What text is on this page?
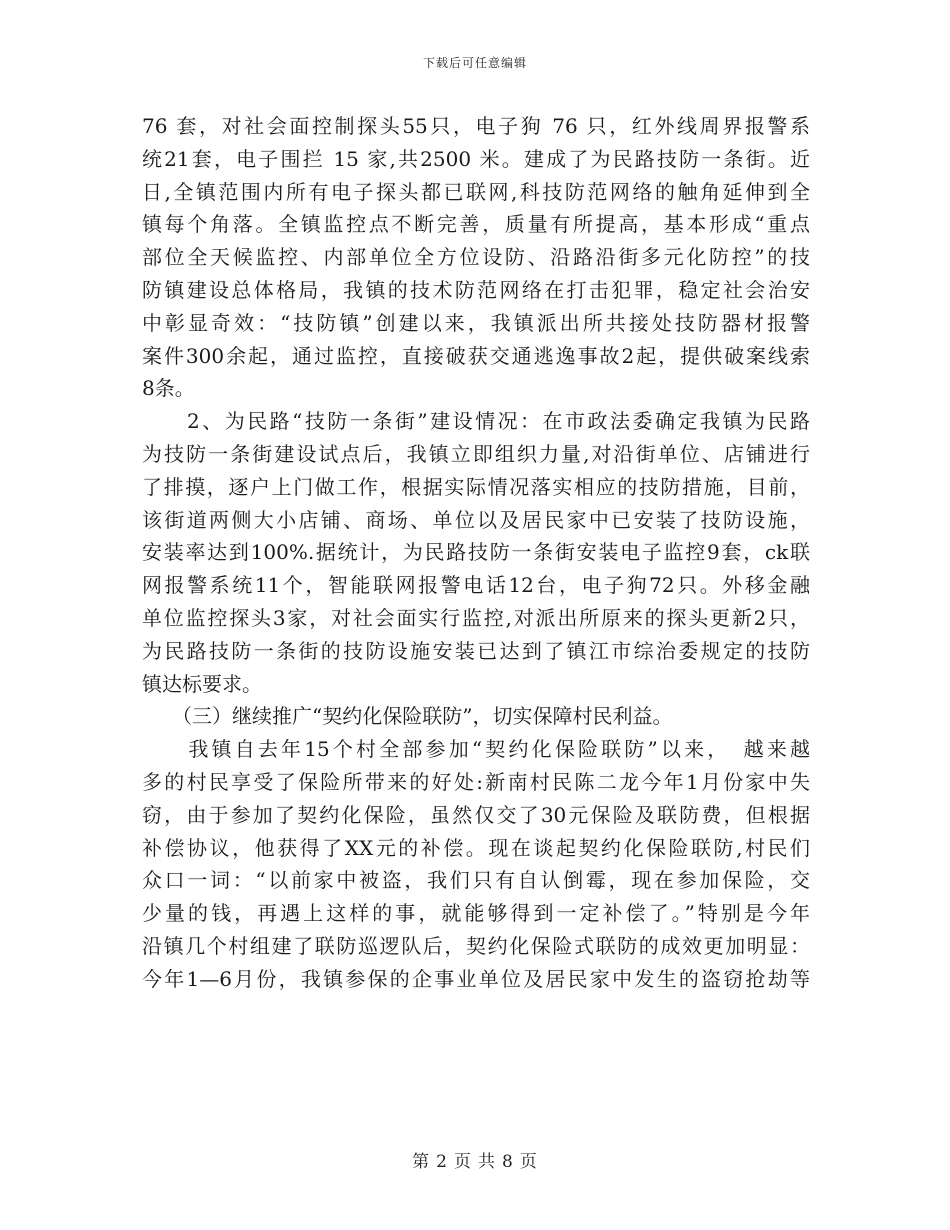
下载后可任意编辑
76 套，对社会面控制探头55只，电子狗 76 只，红外线周界报警系
统21套，电子围拦 15 家,共2500 米。建成了为民路技防一条街。近
日,全镇范围内所有电子探头都已联网,科技防范网络的触角延伸到全
镇每个角落。全镇监控点不断完善，质量有所提高，基本形成“重点
部位全天候监控、内部单位全方位设防、沿路沿街多元化防控”的技
防镇建设总体格局，我镇的技术防范网络在打击犯罪，稳定社会治安
中彰显奇效：“技防镇”创建以来，我镇派出所共接处技防器材报警
案件300余起，通过监控，直接破获交通逃逸事故2起，提供破案线索
8条。
　　2、为民路“技防一条街”建设情况：在市政法委确定我镇为民路
为技防一条街建设试点后，我镇立即组织力量,对沿街单位、店铺进行
了排摸，逐户上门做工作，根据实际情况落实相应的技防措施，目前，
该街道两侧大小店铺、商场、单位以及居民家中已安装了技防设施，
安装率达到100%.据统计，为民路技防一条街安装电子监控9套，ck联
网报警系统11个，智能联网报警电话12台，电子狗72只。外移金融
单位监控探头3家，对社会面实行监控,对派出所原来的探头更新2只，
为民路技防一条街的技防设施安装已达到了镇江市综治委规定的技防
镇达标要求。
　　（三）继续推广“契约化保险联防”，切实保障村民利益。
　　我镇自去年15个村全部参加“契约化保险联防”以来，　越来越
多的村民享受了保险所带来的好处:新南村民陈二龙今年1月份家中失
窃，由于参加了契约化保险，虽然仅交了30元保险及联防费，但根据
补偿协议，他获得了XX元的补偿。现在谈起契约化保险联防,村民们
众口一词：“以前家中被盗，我们只有自认倒霉，现在参加保险，交
少量的钱，再遇上这样的事，就能够得到一定补偿了。”特别是今年
沿镇几个村组建了联防巡逻队后，契约化保险式联防的成效更加明显：
今年1—6月份，我镇参保的企事业单位及居民家中发生的盗窃抢劫等
第 2 页 共 8 页
